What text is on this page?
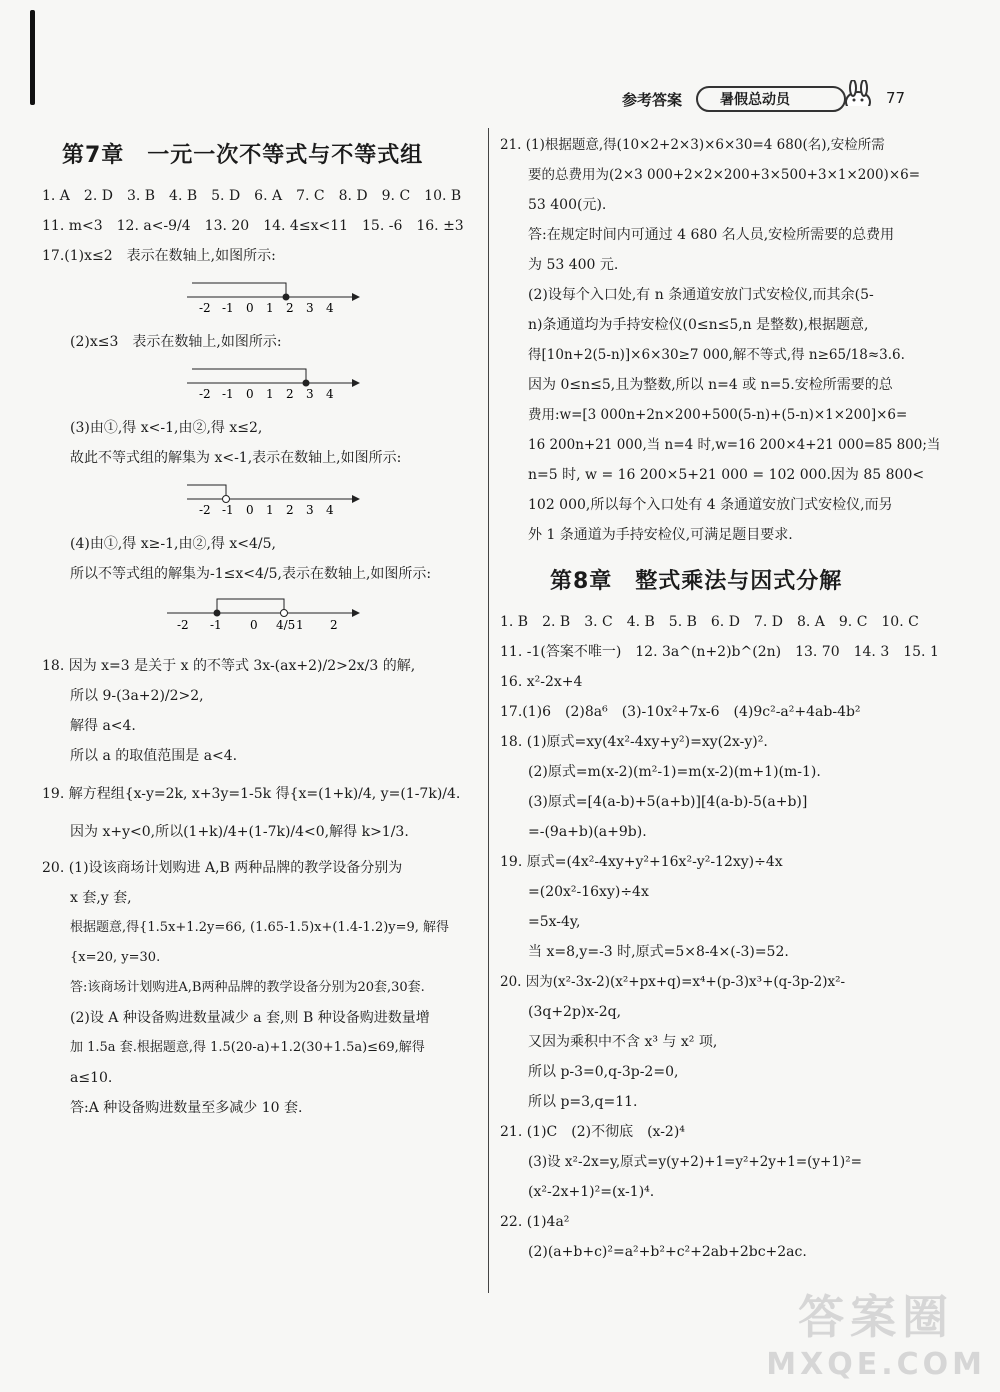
参考答案	暑假总动员	77
第7章　一元一次不等式与不等式组
1. A　2. D　3. B　4. B　5. D　6. A　7. C　8. D　9. C　10. B
11. m<3　12. a<-9/4　13. 20　14. 4≤x<11　15. -6　16. ±3
17.(1)x≤2　表示在数轴上,如图所示:
-2 -1 0 1 2 3 4
(2)x≤3　表示在数轴上,如图所示:
-2 -1 0 1 2 3 4
(3)由①,得 x<-1,由②,得 x≤2,
故此不等式组的解集为 x<-1,表示在数轴上,如图所示:
-2 -1 0 1 2 3 4
(4)由①,得 x≥-1,由②,得 x<4/5,
所以不等式组的解集为-1≤x<4/5,表示在数轴上,如图所示:
-2 -1 0 4/5 1 2
18. 因为 x=3 是关于 x 的不等式 3x-(ax+2)/2>2x/3 的解,
所以 9-(3a+2)/2>2,
解得 a<4.
所以 a 的取值范围是 a<4.
19. 解方程组{x-y=2k, x+3y=1-5k 得{x=(1+k)/4, y=(1-7k)/4.
因为 x+y<0,所以(1+k)/4+(1-7k)/4<0,解得 k>1/3.
20. (1)设该商场计划购进 A,B 两种品牌的教学设备分别为
x 套,y 套,
根据题意,得{1.5x+1.2y=66, (1.65-1.5)x+(1.4-1.2)y=9, 解得{x=20, y=30.
答:该商场计划购进A,B两种品牌的教学设备分别为20套,30套.
(2)设 A 种设备购进数量减少 a 套,则 B 种设备购进数量增
加 1.5a 套.根据题意,得 1.5(20-a)+1.2(30+1.5a)≤69,解得
a≤10.
答:A 种设备购进数量至多减少 10 套.
21. (1)根据题意,得(10×2+2×3)×6×30=4 680(名),安检所需
要的总费用为(2×3 000+2×2×200+3×500+3×1×200)×6=
53 400(元).
答:在规定时间内可通过 4 680 名人员,安检所需要的总费用
为 53 400 元.
(2)设每个入口处,有 n 条通道安放门式安检仪,而其余(5-
n)条通道均为手持安检仪(0≤n≤5,n 是整数),根据题意,
得[10n+2(5-n)]×6×30≥7 000,解不等式,得 n≥65/18≈3.6.
因为 0≤n≤5,且为整数,所以 n=4 或 n=5.安检所需要的总
费用:w=[3 000n+2n×200+500(5-n)+(5-n)×1×200]×6=
16 200n+21 000,当 n=4 时,w=16 200×4+21 000=85 800;当
n=5 时, w = 16 200×5+21 000 = 102 000.因为 85 800<
102 000,所以每个入口处有 4 条通道安放门式安检仪,而另
外 1 条通道为手持安检仪,可满足题目要求.
第8章　整式乘法与因式分解
1. B　2. B　3. C　4. B　5. B　6. D　7. D　8. A　9. C　10. C
11. -1(答案不唯一)　12. 3a^(n+2)b^(2n)　13. 70　14. 3　15. 1
16. x²-2x+4
17.(1)6　(2)8a⁶　(3)-10x²+7x-6　(4)9c²-a²+4ab-4b²
18. (1)原式=xy(4x²-4xy+y²)=xy(2x-y)².
(2)原式=m(x-2)(m²-1)=m(x-2)(m+1)(m-1).
(3)原式=[4(a-b)+5(a+b)][4(a-b)-5(a+b)]
=-(9a+b)(a+9b).
19. 原式=(4x²-4xy+y²+16x²-y²-12xy)÷4x
=(20x²-16xy)÷4x
=5x-4y,
当 x=8,y=-3 时,原式=5×8-4×(-3)=52.
20. 因为(x²-3x-2)(x²+px+q)=x⁴+(p-3)x³+(q-3p-2)x²-
(3q+2p)x-2q,
又因为乘积中不含 x³ 与 x² 项,
所以 p-3=0,q-3p-2=0,
所以 p=3,q=11.
21. (1)C　(2)不彻底　(x-2)⁴
(3)设 x²-2x=y,原式=y(y+2)+1=y²+2y+1=(y+1)²=
(x²-2x+1)²=(x-1)⁴.
22. (1)4a²
(2)(a+b+c)²=a²+b²+c²+2ab+2bc+2ac.
答案圈
MXQE.COM
